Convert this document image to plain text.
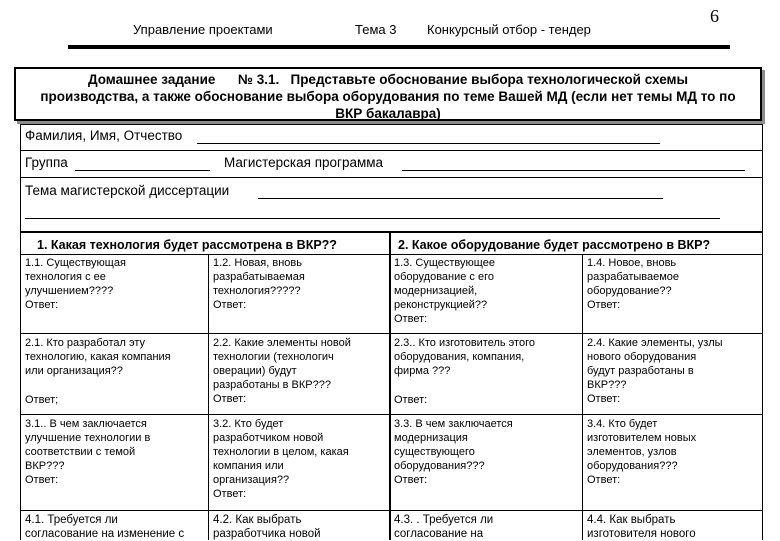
Управление проектами	Тема 3 Конкурсный отбор - тендер
6
Домашнее задание № 3.1. Представьте обоснование выбора технологической схемы
производства, а также обоснование выбора оборудования по теме Вашей МД (если нет темы МД то по
ВКР бакалавра)
Фамилия, Имя, Отчество
Группа	Магистерская программа
Тема магистерской диссертации
1. Какая технология будет рассмотрена в ВКР??	2. Какое оборудование будет рассмотрено в ВКР?
1.1. Существующая
технология с ее
улучшением????
Ответ:
1.2. Новая, вновь
разрабатываемая
технология?????
Ответ:
1.3. Существующее
оборудование с его
модернизацией,
реконструкцией??
Ответ:
1.4. Новое, вновь
разрабатываемое
оборудование??
Ответ:
2.1. Кто разработал эту
технологию, какая компания
или организация??
Ответ;
2.2. Какие элементы новой
технологии (технологич
оверации) будут
разработаны в ВКР???
Ответ:
2.3.. Кто изготовитель этого
оборудования, компания,
фирма ???
Ответ:
2.4. Какие элементы, узлы
нового оборудования
будут разработаны в
ВКР???
Ответ:
3.1.. В чем заключается
улучшение технологии в
соответствии с темой
ВКР???
Ответ:
3.2. Кто будет
разработчиком новой
технологии в целом, какая
компания или
организация??
Ответ:
3.3. В чем заключается
модернизация
существующего
оборудования???
Ответ:
3.4. Кто будет
изготовителем новых
элементов, узлов
оборудования???
Ответ:
4.1. Требуется ли
согласование на изменение с
4.2. Как выбрать
разработчика новой
4.3. . Требуется ли
согласование на
4.4. Как выбрать
изготовителя нового
